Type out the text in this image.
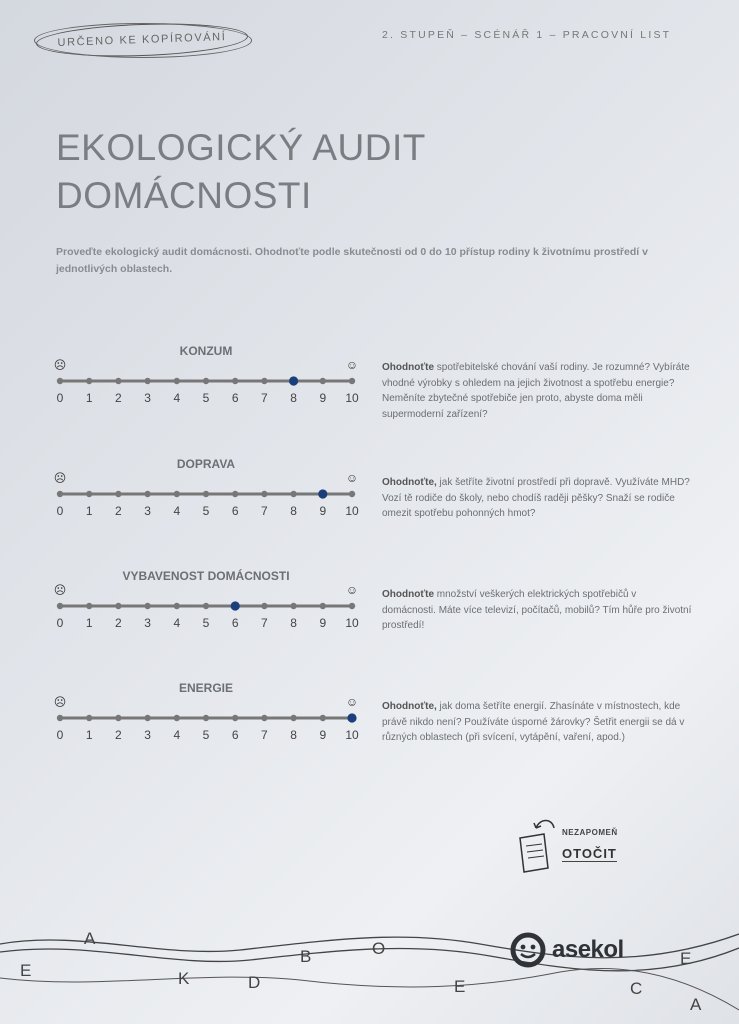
URČENO KE KOPÍROVÁNÍ	2. STUPEŇ – SCÉNÁŘ 1 – PRACOVNÍ LIST
EKOLOGICKÝ AUDIT
DOMÁCNOSTI
Proveďte ekologický audit domácnosti. Ohodnoťte podle skutečnosti od 0 do 10 přístup rodiny k životnímu prostředí v jednotlivých oblastech.
KONZUM
☹	☺
0 1 2 3 4 5 6 7 8 9 10
Ohodnoťte spotřebitelské chování vaší rodiny. Je rozumné? Vybíráte vhodné výrobky s ohledem na jejich životnost a spotřebu energie? Neměníte zbytečné spotřebiče jen proto, abyste doma měli supermoderní zařízení?
DOPRAVA
☹	☺
0 1 2 3 4 5 6 7 8 9 10
Ohodnoťte, jak šetříte životní prostředí při dopravě. Využíváte MHD? Vozí tě rodiče do školy, nebo chodíš raději pěšky? Snaží se rodiče omezit spotřebu pohonných hmot?
VYBAVENOST DOMÁCNOSTI
☹	☺
0 1 2 3 4 5 6 7 8 9 10
Ohodnoťte množství veškerých elektrických spotřebičů v domácnosti. Máte více televizí, počítačů, mobilů? Tím hůře pro životní prostředí!
ENERGIE
☹	☺
0 1 2 3 4 5 6 7 8 9 10
Ohodnoťte, jak doma šetříte energií. Zhasínáte v místnostech, kde právě nikdo není? Používáte úsporné žárovky? Šetřit energii se dá v různých oblastech (při svícení, vytápění, vaření, apod.)
NEZAPOMEŇ
OTOČIT
A
E	K	D
B	O
E	C
E
A
asekol
